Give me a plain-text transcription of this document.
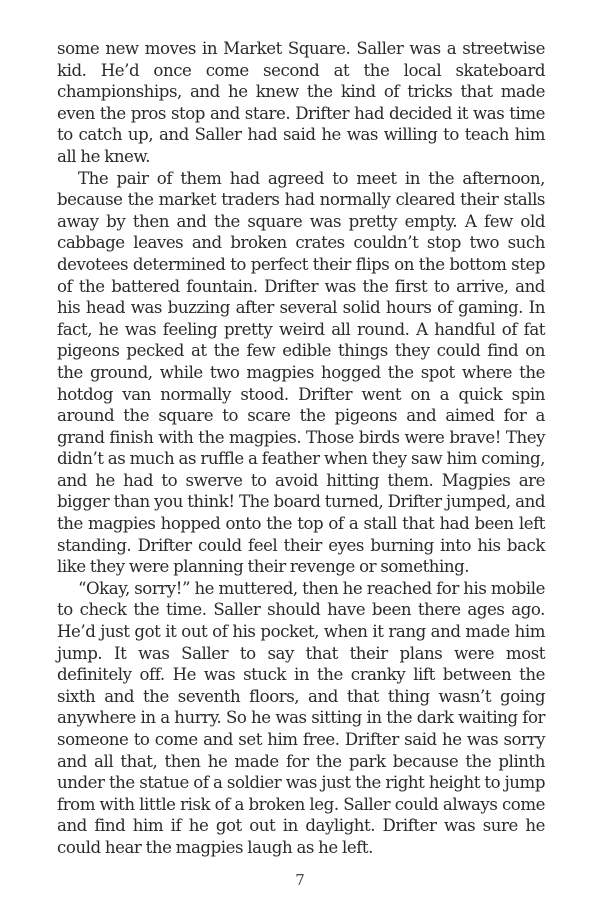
some new moves in Market Square. Saller was a streetwise kid. He’d once come second at the local skateboard championships, and he knew the kind of tricks that made even the pros stop and stare. Drifter had decided it was time to catch up, and Saller had said he was willing to teach him all he knew.

The pair of them had agreed to meet in the afternoon, because the market traders had normally cleared their stalls away by then and the square was pretty empty. A few old cabbage leaves and broken crates couldn’t stop two such devotees determined to perfect their flips on the bottom step of the battered fountain. Drifter was the first to arrive, and his head was buzzing after several solid hours of gaming. In fact, he was feeling pretty weird all round. A handful of fat pigeons pecked at the few edible things they could find on the ground, while two magpies hogged the spot where the hotdog van normally stood. Drifter went on a quick spin around the square to scare the pigeons and aimed for a grand finish with the magpies. Those birds were brave! They didn’t as much as ruffle a feather when they saw him coming, and he had to swerve to avoid hitting them. Magpies are bigger than you think! The board turned, Drifter jumped, and the magpies hopped onto the top of a stall that had been left standing. Drifter could feel their eyes burning into his back like they were planning their revenge or something.

“Okay, sorry!” he muttered, then he reached for his mobile to check the time. Saller should have been there ages ago. He’d just got it out of his pocket, when it rang and made him jump. It was Saller to say that their plans were most definitely off. He was stuck in the cranky lift between the sixth and the seventh floors, and that thing wasn’t going anywhere in a hurry. So he was sitting in the dark waiting for someone to come and set him free. Drifter said he was sorry and all that, then he made for the park because the plinth under the statue of a soldier was just the right height to jump from with little risk of a broken leg. Saller could always come and find him if he got out in daylight. Drifter was sure he could hear the magpies laugh as he left.

7
